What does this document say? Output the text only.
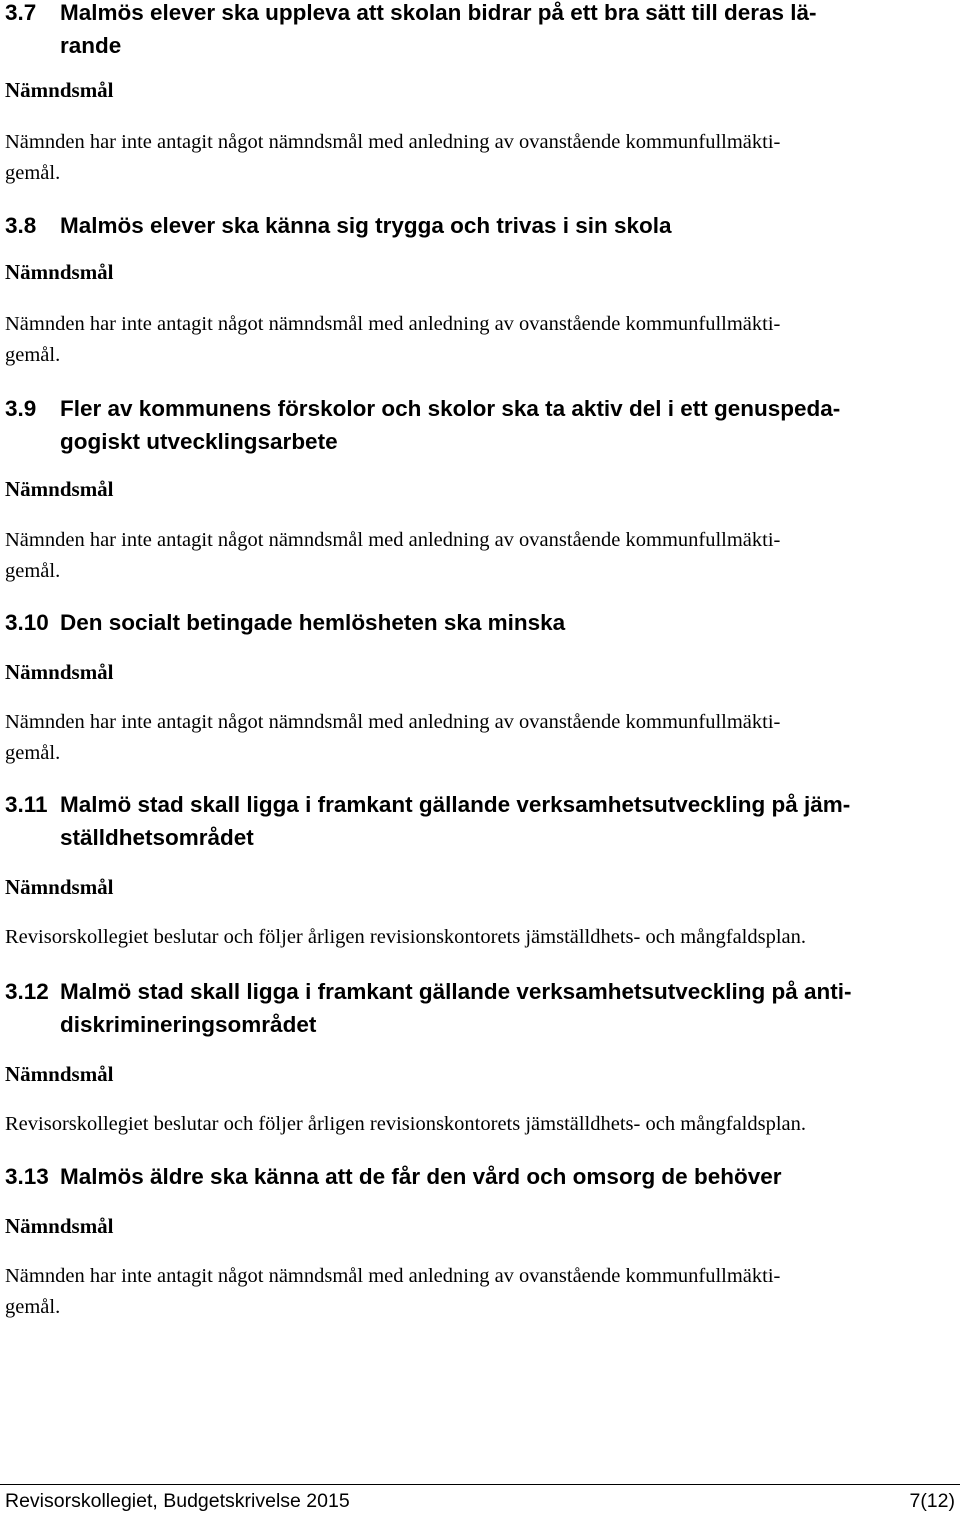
3.7	Malmös elever ska uppleva att skolan bidrar på ett bra sätt till deras lä-
rande
Nämndsmål

Nämnden har inte antagit något nämndsmål med anledning av ovanstående kommunfullmäkti-
gemål.

3.8	Malmös elever ska känna sig trygga och trivas i sin skola
Nämndsmål

Nämnden har inte antagit något nämndsmål med anledning av ovanstående kommunfullmäkti-
gemål.

3.9	Fler av kommunens förskolor och skolor ska ta aktiv del i ett genuspeda-
gogiskt utvecklingsarbete
Nämndsmål

Nämnden har inte antagit något nämndsmål med anledning av ovanstående kommunfullmäkti-
gemål.

3.10 Den socialt betingade hemlösheten ska minska
Nämndsmål

Nämnden har inte antagit något nämndsmål med anledning av ovanstående kommunfullmäkti-
gemål.

3.11 Malmö stad skall ligga i framkant gällande verksamhetsutveckling på jäm-
ställdhetsområdet
Nämndsmål

Revisorskollegiet beslutar och följer årligen revisionskontorets jämställdhets- och mångfaldsplan.

3.12 Malmö stad skall ligga i framkant gällande verksamhetsutveckling på anti-
diskrimineringsområdet
Nämndsmål

Revisorskollegiet beslutar och följer årligen revisionskontorets jämställdhets- och mångfaldsplan.

3.13 Malmös äldre ska känna att de får den vård och omsorg de behöver
Nämndsmål

Nämnden har inte antagit något nämndsmål med anledning av ovanstående kommunfullmäkti-
gemål.

Revisorskollegiet, Budgetskrivelse 2015	7(12)
